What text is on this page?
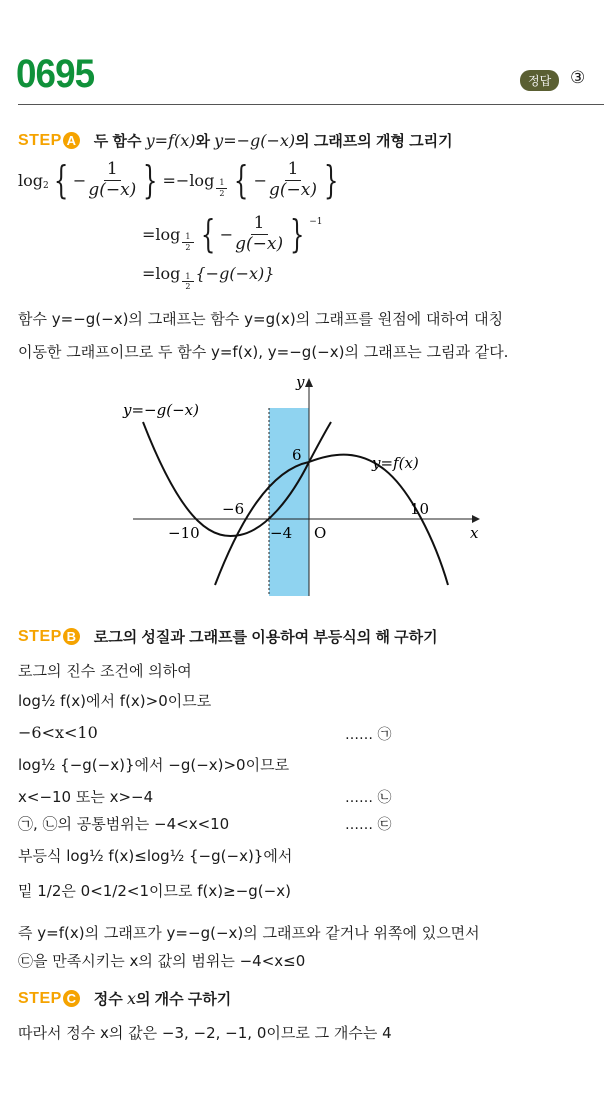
0695	정답	③
STEP A 두 함수 y=f(x)와 y=−g(−x)의 그래프의 개형 그리기
log 2 { − $\frac{1}{g(-x)}$ } $=-\log \frac{1}{2}$ { − $\frac{1}{g(-x)}$ }
$=\log \frac{1}{2}$ { − $\frac{1}{g(-x)}$ } −1
$=\log \frac{1}{2} \{-g(-x)\}$
함수 y=−g(−x)의 그래프는 함수 y=g(x)의 그래프를 원점에 대하여 대칭
이동한 그래프이므로 두 함수 y=f(x), y=−g(−x)의 그래프는 그림과 같다.
y
x
O
6
−10
−6
−4
10
y=−g(−x)
y=f(x)
STEP B 로그의 성질과 그래프를 이용하여 부등식의 해 구하기
로그의 진수 조건에 의하여
log½ f(x)에서 f(x)>0이므로
−6<x<10	…… ㉠
log½ {−g(−x)}에서 −g(−x)>0이므로
x<−10 또는 x>−4	…… ㉡
㉠, ㉡의 공통범위는 −4<x<10	…… ㉢
부등식 log½ f(x)≤log½ {−g(−x)}에서
밑 1/2은 0<1/2<1이므로 f(x)≥−g(−x)
즉 y=f(x)의 그래프가 y=−g(−x)의 그래프와 같거나 위쪽에 있으면서
㉢을 만족시키는 x의 값의 범위는 −4<x≤0
STEP C 정수 x의 개수 구하기
따라서 정수 x의 값은 −3, −2, −1, 0이므로 그 개수는 4
